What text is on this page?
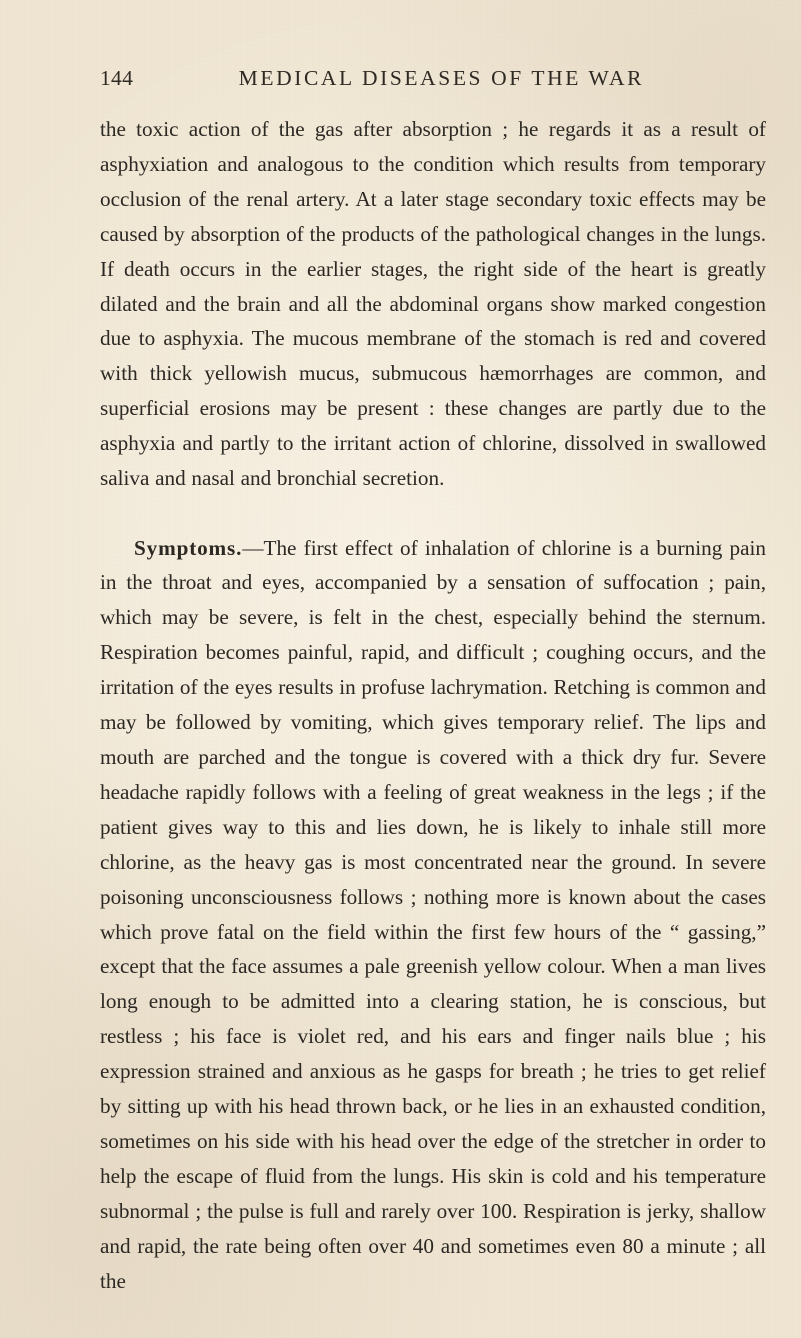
144	MEDICAL DISEASES OF THE WAR

the toxic action of the gas after absorption ; he regards it as a result of asphyxiation and analogous to the condition which results from temporary occlusion of the renal artery. At a later stage secondary toxic effects may be caused by absorption of the products of the pathological changes in the lungs. If death occurs in the earlier stages, the right side of the heart is greatly dilated and the brain and all the abdominal organs show marked congestion due to asphyxia. The mucous membrane of the stomach is red and covered with thick yellowish mucus, submucous hæmorrhages are common, and superficial erosions may be present : these changes are partly due to the asphyxia and partly to the irritant action of chlorine, dissolved in swallowed saliva and nasal and bronchial secretion.

Symptoms.—The first effect of inhalation of chlorine is a burning pain in the throat and eyes, accompanied by a sensation of suffocation ; pain, which may be severe, is felt in the chest, especially behind the sternum. Respiration becomes painful, rapid, and difficult ; coughing occurs, and the irritation of the eyes results in profuse lachrymation. Retching is common and may be followed by vomiting, which gives temporary relief. The lips and mouth are parched and the tongue is covered with a thick dry fur. Severe headache rapidly follows with a feeling of great weakness in the legs ; if the patient gives way to this and lies down, he is likely to inhale still more chlorine, as the heavy gas is most concentrated near the ground. In severe poisoning unconsciousness follows ; nothing more is known about the cases which prove fatal on the field within the first few hours of the “ gassing,” except that the face assumes a pale greenish yellow colour. When a man lives long enough to be admitted into a clearing station, he is conscious, but restless ; his face is violet red, and his ears and finger nails blue ; his expression strained and anxious as he gasps for breath ; he tries to get relief by sitting up with his head thrown back, or he lies in an exhausted condition, sometimes on his side with his head over the edge of the stretcher in order to help the escape of fluid from the lungs. His skin is cold and his temperature subnormal ; the pulse is full and rarely over 100. Respiration is jerky, shallow and rapid, the rate being often over 40 and sometimes even 80 a minute ; all the
